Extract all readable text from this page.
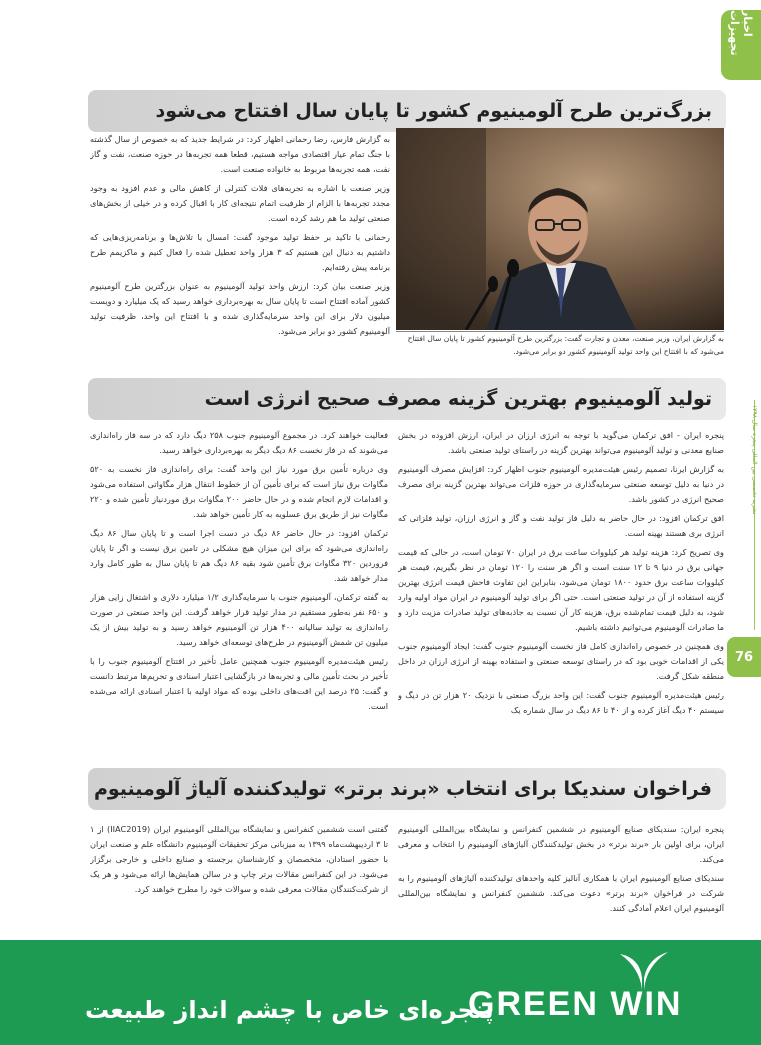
اخبار تجهیزات
نشریه تخصصی بین المللی پنجره سال ۱۳۹۸
76
بزرگ‌ترین طرح آلومینیوم کشور تا پایان سال افتتاح می‌شود

به گزارش فارس، رضا رحمانی اظهار کرد: در شرایط جدید که به خصوص از سال گذشته با جنگ تمام عیار اقتصادی مواجه هستیم، قطعا همه تجربه‌ها در حوزه صنعت، نفت و گاز نفت، همه تجربه‌ها مربوط به خانواده صنعت است.

وزیر صنعت با اشاره به تجربه‌های فلات کنترلی از کاهش مالی و عدم افزود به وجود مجدد تجربه‌ها با الزام از ظرفیت اتمام نتیجه‌ای کار با اقبال کرده و در خیلی از بخش‌های صنعتی تولید ما هم رشد کرده است.

رحمانی با تاکید بر حفظ تولید موجود گفت: امسال با تلاش‌ها و برنامه‌ریزی‌هایی که داشتیم به دنبال این هستیم که ۳ هزار واحد تعطیل شده را فعال کنیم و ماکزیمم طرح برنامه پیش رفته‌ایم.

وزیر صنعت بیان کرد: ارزش واحد تولید آلومینیوم به عنوان بزرگترین طرح آلومینیوم کشور آماده افتتاح است تا پایان سال به بهره‌برداری خواهد رسید که یک میلیارد و دویست میلیون دلار برای این واحد سرمایه‌گذاری شده و با افتتاح این واحد، ظرفیت تولید آلومینیوم کشور دو برابر می‌شود.

به گزارش ایران، وزیر صنعت، معدن و تجارت گفت: بزرگترین طرح آلومینیوم کشور تا پایان سال افتتاح می‌شود که با افتتاح این واحد تولید آلومینیوم کشور دو برابر می‌شود.
تولید آلومینیوم بهترین گزینه مصرف صحیح انرژی است

پنجره ایران - افق ترکمان می‌گوید با توجه به انرژی ارزان در ایران، ارزش افزوده در بخش صنایع معدنی و تولید آلومینیوم می‌تواند بهترین گزینه در راستای تولید صنعتی باشد.

به گزارش ایرنا، تصمیم رئیس هیئت‌مدیره آلومینیوم جنوب اظهار کرد: افزایش مصرف آلومینیوم در دنیا به دلیل توسعه صنعتی سرمایه‌گذاری در حوزه فلزات می‌تواند بهترین گزینه برای مصرف صحیح انرژی در کشور باشد.

افق ترکمان افزود: در حال حاضر به دلیل فاز تولید نفت و گاز و انرژی ارزان، تولید فلزاتی که انرژی بری هستند بهینه است.

وی تصریح کرد: هزینه تولید هر کیلووات ساعت برق در ایران ۷۰ تومان است، در حالی که قیمت جهانی برق در دنیا ۹ تا ۱۲ سنت است و اگر هر سنت را ۱۲۰ تومان در نظر بگیریم، قیمت هر کیلووات ساعت برق حدود ۱۸۰۰ تومان می‌شود، بنابراین این تفاوت فاحش قیمت انرژی بهترین گزینه استفاده از آن در تولید صنعتی است. حتی اگر برای تولید آلومینیوم در ایران مواد اولیه وارد شود، به دلیل قیمت تمام‌شده برق، هزینه کار آن نسبت به جاذبه‌های تولید صادرات مزیت دارد و ما صادرات آلومینیوم می‌توانیم داشته باشیم.

وی همچنین در خصوص راه‌اندازی کامل فاز نخست آلومینیوم جنوب گفت: ایجاد آلومینیوم جنوب یکی از اقدامات خوبی بود که در راستای توسعه صنعتی و استفاده بهینه از انرژی ارزان در داخل منطقه شکل گرفت.

رئیس هیئت‌مدیره آلومینیوم جنوب گفت: این واحد بزرگ صنعتی با نزدیک ۲۰ هزار تن در دیگ و سیستم ۴۰ دیگ آغاز کرده و از ۴۰ تا ۸۶ دیگ در سال شماره یک

فعالیت خواهند کرد. در مجموع آلومینیوم جنوب ۲۵۸ دیگ دارد که در سه فاز راه‌اندازی می‌شوند که در فاز نخست ۸۶ دیگ دیگر به بهره‌برداری خواهد رسید.

وی درباره تأمین برق مورد نیاز این واحد گفت: برای راه‌اندازی فاز نخست به ۵۲۰ مگاوات برق نیاز است که برای تأمین آن از خطوط انتقال هزار مگاواتی استفاده می‌شود و اقدامات لازم انجام شده و در حال حاضر ۲۰۰ مگاوات برق موردنیاز تأمین شده و ۲۲۰ مگاوات نیز از طریق برق عسلویه به کار تأمین خواهد شد.

ترکمان افزود: در حال حاضر ۸۶ دیگ در دست اجرا است و تا پایان سال ۸۶ دیگ راه‌اندازی می‌شود که برای این میزان هیچ مشکلی در تامین برق نیست و اگر تا پایان فروردین ۳۲۰ مگاوات برق تأمین شود بقیه ۸۶ دیگ هم تا پایان سال به طور کامل وارد مدار خواهد شد.

به گفته ترکمان، آلومینیوم جنوب با سرمایه‌گذاری ۱/۲ میلیارد دلاری و اشتغال زایی هزار و ۶۵۰ نفر به‌طور مستقیم در مدار تولید قرار خواهد گرفت. این واحد صنعتی در صورت راه‌اندازی به تولید سالیانه ۴۰۰ هزار تن آلومینیوم خواهد رسید و به تولید بیش از یک میلیون تن شمش آلومینیوم در طرح‌های توسعه‌ای خواهد رسید.

رئیس هیئت‌مدیره آلومینیوم جنوب همچنین عامل تأخیر در افتتاح آلومینیوم جنوب را با تأخیر در بحث تأمین مالی و تجربه‌ها در بازگشایی اعتبار اسنادی و تحریم‌ها مرتبط دانست و گفت: ۲۵ درصد این افت‌های داخلی بوده که مواد اولیه با اعتبار اسنادی ارائه می‌شده است.

فراخوان سندیکا برای انتخاب «برند برتر» تولیدکننده آلیاژ آلومینیوم

پنجره ایران: سندیکای صنایع آلومینیوم در ششمین کنفرانس و نمایشگاه بین‌المللی آلومینیوم ایران، برای اولین بار «برند برتر» در بخش تولیدکنندگان آلیاژهای آلومینیوم را انتخاب و معرفی می‌کند.

سندیکای صنایع آلومینیوم ایران با همکاری آنالیز کلیه واحدهای تولیدکننده آلیاژهای آلومینیوم را به شرکت در فراخوان «برند برتر» دعوت می‌کند. ششمین کنفرانس و نمایشگاه بین‌المللی آلومینیوم ایران اعلام آمادگی کنند.

گفتنی است ششمین کنفرانس و نمایشگاه بین‌المللی آلومینیوم ایران (IIAC2019) از ۱ تا ۳ اردیبهشت‌ماه ۱۳۹۹ به میزبانی مرکز تحقیقات آلومینیوم دانشگاه علم و صنعت ایران با حضور استادان، متخصصان و کارشناسان برجسته و صنایع داخلی و خارجی برگزار می‌شود. در این کنفرانس مقالات برتر چاپ و در سالن همایش‌ها ارائه می‌شود و هر یک از شرکت‌کنندگان مقالات معرفی شده و سوالات خود را مطرح خواهند کرد.

GREEN WIN
پنجره‌ای خاص با چشم انداز طبیعت
